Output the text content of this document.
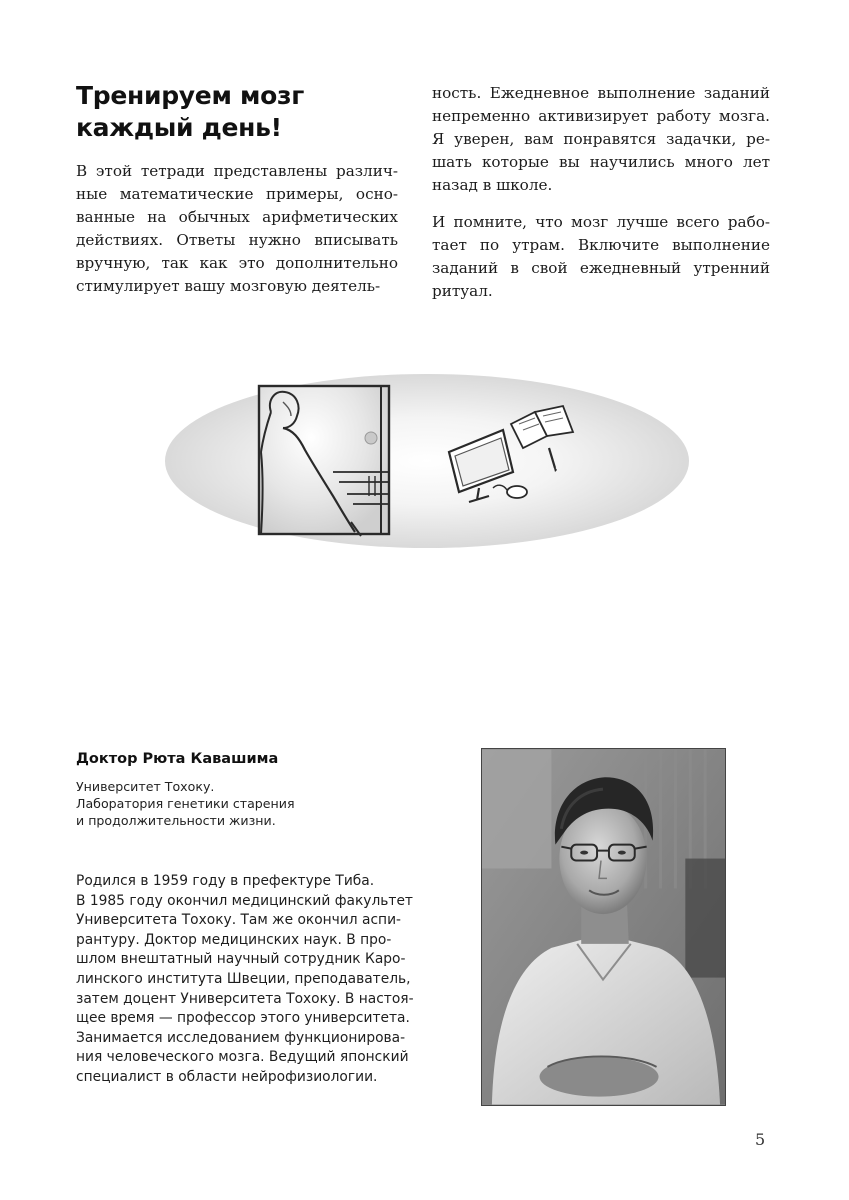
Тренируем мозг
каждый день!

В этой тетради представлены различ-
ные математические примеры, осно-
ванные на обычных арифметических
действиях. Ответы нужно вписывать
вручную, так как это дополнительно
стимулирует вашу мозговую деятель-

ность. Ежедневное выполнение заданий
непременно активизирует работу мозга.
Я уверен, вам понравятся задачки, ре-
шать которые вы научились много лет
назад в школе.

И помните, что мозг лучше всего рабо-
тает по утрам. Включите выполнение
заданий в свой ежедневный утренний
ритуал.

Доктор Рюта Кавашима
Университет Тохоку.
Лаборатория генетики старения
и продолжительности жизни.
Родился в 1959 году в префектуре Тиба.
В 1985 году окончил медицинский факультет
Университета Тохоку. Там же окончил аспи-
рантуру. Доктор медицинских наук. В про-
шлом внештатный научный сотрудник Каро-
линского института Швеции, преподаватель,
затем доцент Университета Тохоку. В настоя-
щее время — профессор этого университета.
Занимается исследованием функционирова-
ния человеческого мозга. Ведущий японский
специалист в области нейрофизиологии.
5
